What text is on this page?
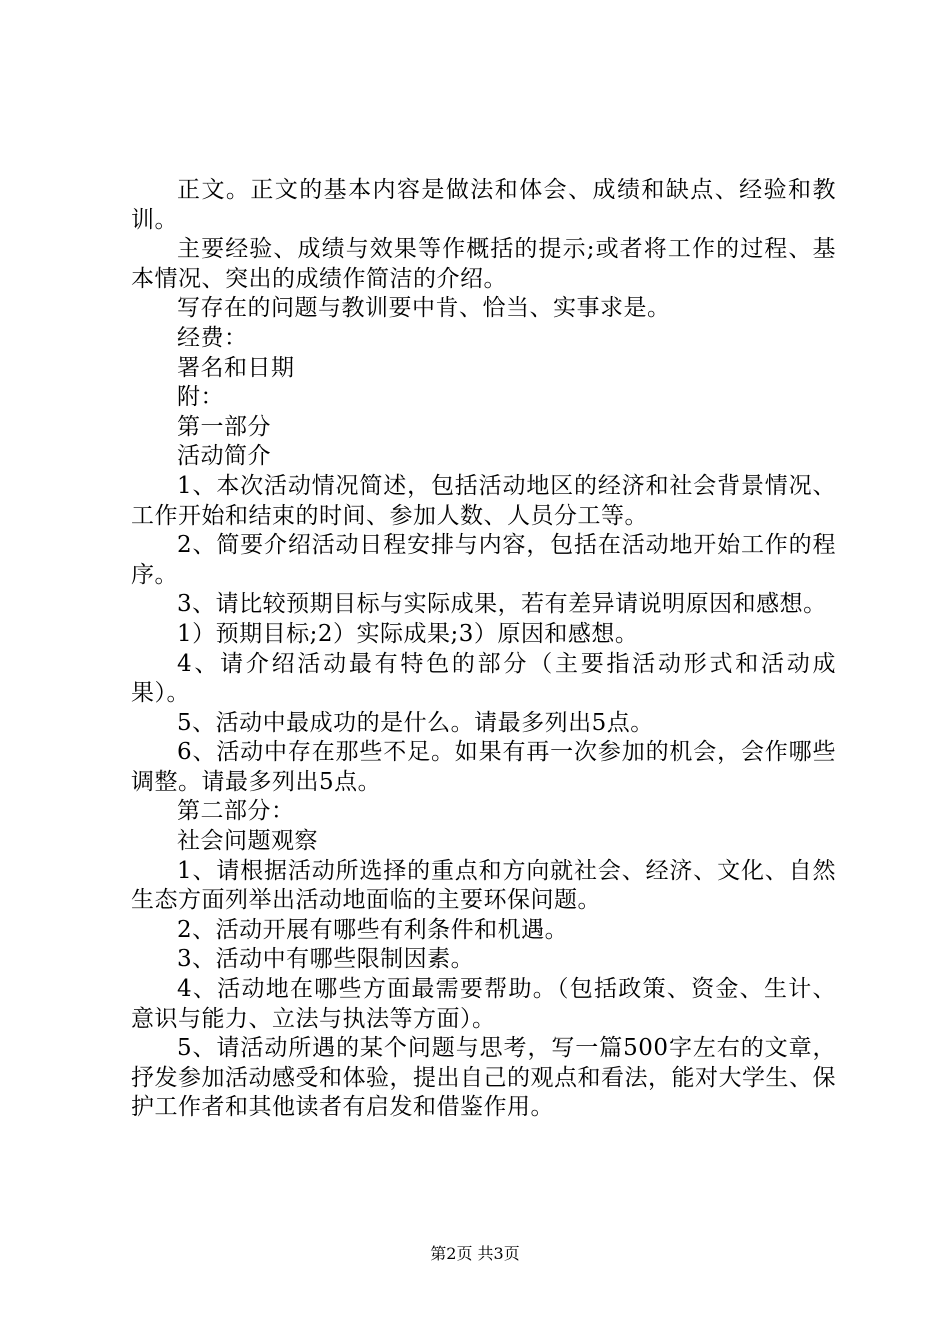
正文。正文的基本内容是做法和体会、成绩和缺点、经验和教训。

主要经验、成绩与效果等作概括的提示;或者将工作的过程、基本情况、突出的成绩作简洁的介绍。

写存在的问题与教训要中肯、恰当、实事求是。

经费：

署名和日期

附：

第一部分

活动简介

1、本次活动情况简述，包括活动地区的经济和社会背景情况、工作开始和结束的时间、参加人数、人员分工等。

2、简要介绍活动日程安排与内容，包括在活动地开始工作的程序。

3、请比较预期目标与实际成果，若有差异请说明原因和感想。

1）预期目标;2）实际成果;3）原因和感想。

4、请介绍活动最有特色的部分（主要指活动形式和活动成果）。

5、活动中最成功的是什么。请最多列出5点。

6、活动中存在那些不足。如果有再一次参加的机会，会作哪些调整。请最多列出5点。

第二部分：

社会问题观察

1、请根据活动所选择的重点和方向就社会、经济、文化、自然生态方面列举出活动地面临的主要环保问题。

2、活动开展有哪些有利条件和机遇。

3、活动中有哪些限制因素。

4、活动地在哪些方面最需要帮助。（包括政策、资金、生计、意识与能力、立法与执法等方面）。

5、请活动所遇的某个问题与思考，写一篇500字左右的文章，抒发参加活动感受和体验，提出自己的观点和看法，能对大学生、保护工作者和其他读者有启发和借鉴作用。

第2页 共3页
